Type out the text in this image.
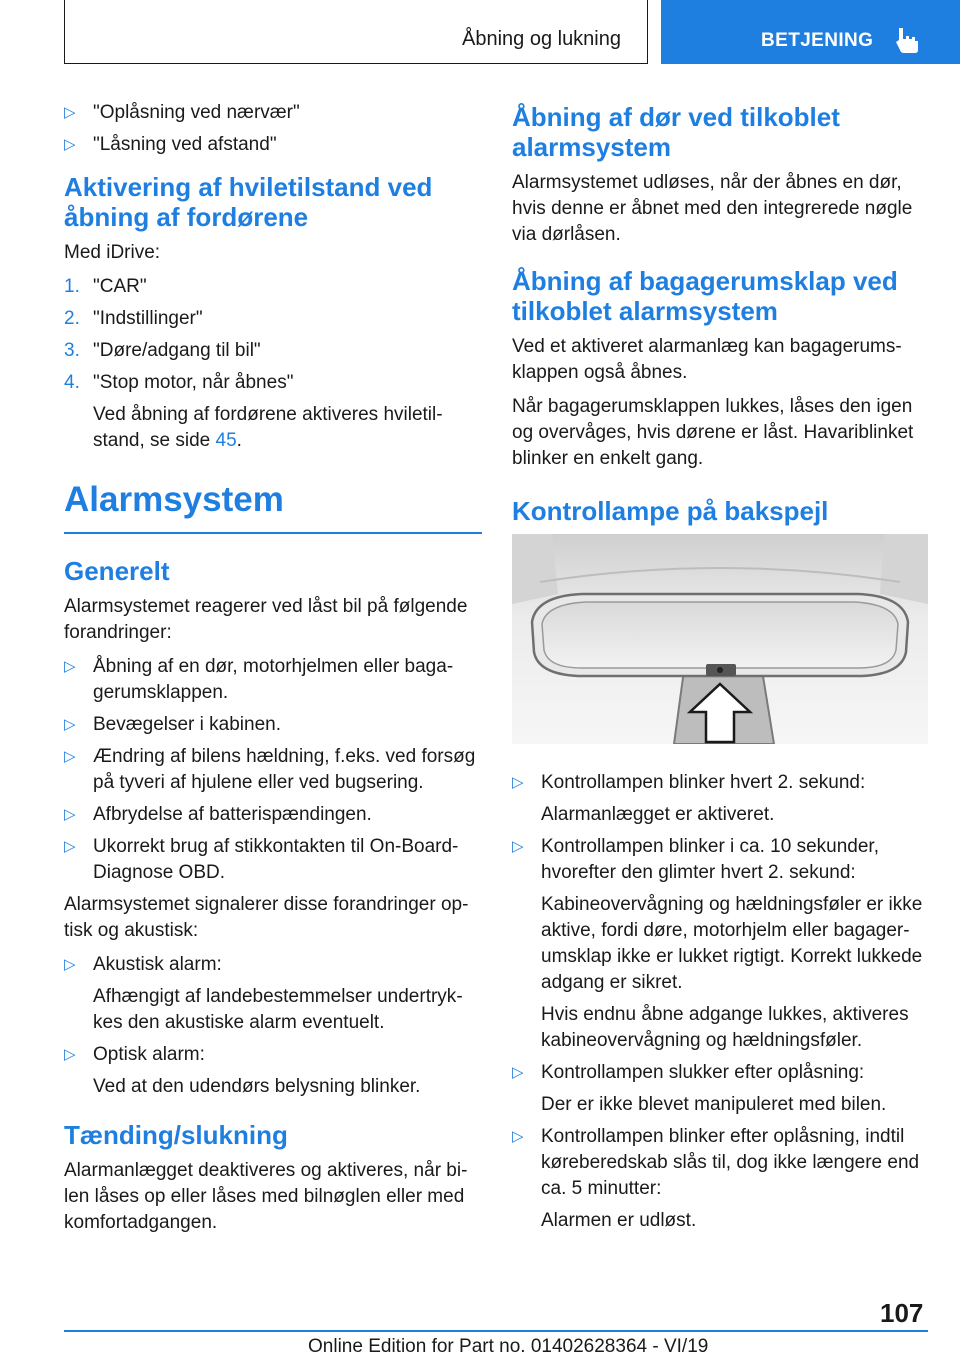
Åbning og lukning	BETJENING
▷ "Oplåsning ved nærvær"
▷ "Låsning ved afstand"
Aktivering af hviletilstand ved åbning af fordørene

Med iDrive:

1. "CAR"
2. "Indstillinger"
3. "Døre/adgang til bil"
4. "Stop motor, når åbnes"
Ved åbning af fordørene aktiveres hviletilstand, se side 45.
Alarmsystem
Generelt

Alarmsystemet reagerer ved låst bil på følgende forandringer:

▷ Åbning af en dør, motorhjelmen eller bagagerumsklappen.
▷ Bevægelser i kabinen.
▷ Ændring af bilens hældning, f.eks. ved forsøg på tyveri af hjulene eller ved bugsering.
▷ Afbrydelse af batterispændingen.
▷ Ukorrekt brug af stikkontakten til On-Board-Diagnose OBD.

Alarmsystemet signalerer disse forandringer optisk og akustisk:

▷ Akustisk alarm:
Afhængigt af landebestemmelser undertrykkes den akustiske alarm eventuelt.
▷ Optisk alarm:
Ved at den udendørs belysning blinker.
Tænding/slukning

Alarmanlægget deaktiveres og aktiveres, når bilen låses op eller låses med bilnøglen eller med komfortadgangen.

Åbning af dør ved tilkoblet alarmsystem

Alarmsystemet udløses, når der åbnes en dør, hvis denne er åbnet med den integrerede nøgle via dørlåsen.

Åbning af bagagerumsklap ved tilkoblet alarmsystem

Ved et aktiveret alarmanlæg kan bagagerumsklappen også åbnes.

Når bagagerumsklappen lukkes, låses den igen og overvåges, hvis dørene er låst. Havariblinket blinker en enkelt gang.

Kontrollampe på bakspejl
▷ Kontrollampen blinker hvert 2. sekund:
Alarmanlægget er aktiveret.
▷ Kontrollampen blinker i ca. 10 sekunder, hvorefter den glimter hvert 2. sekund:
Kabineovervågning og hældningsføler er ikke aktive, fordi døre, motorhjelm eller bagagerumsklap ikke er lukket rigtigt. Korrekt lukkede adgang er sikret.
Hvis endnu åbne adgange lukkes, aktiveres kabineovervågning og hældningsføler.
▷ Kontrollampen slukker efter oplåsning:
Der er ikke blevet manipuleret med bilen.
▷ Kontrollampen blinker efter oplåsning, indtil køreberedskab slås til, dog ikke længere end ca. 5 minutter:
Alarmen er udløst.
107
Online Edition for Part no. 01402628364 - VI/19
